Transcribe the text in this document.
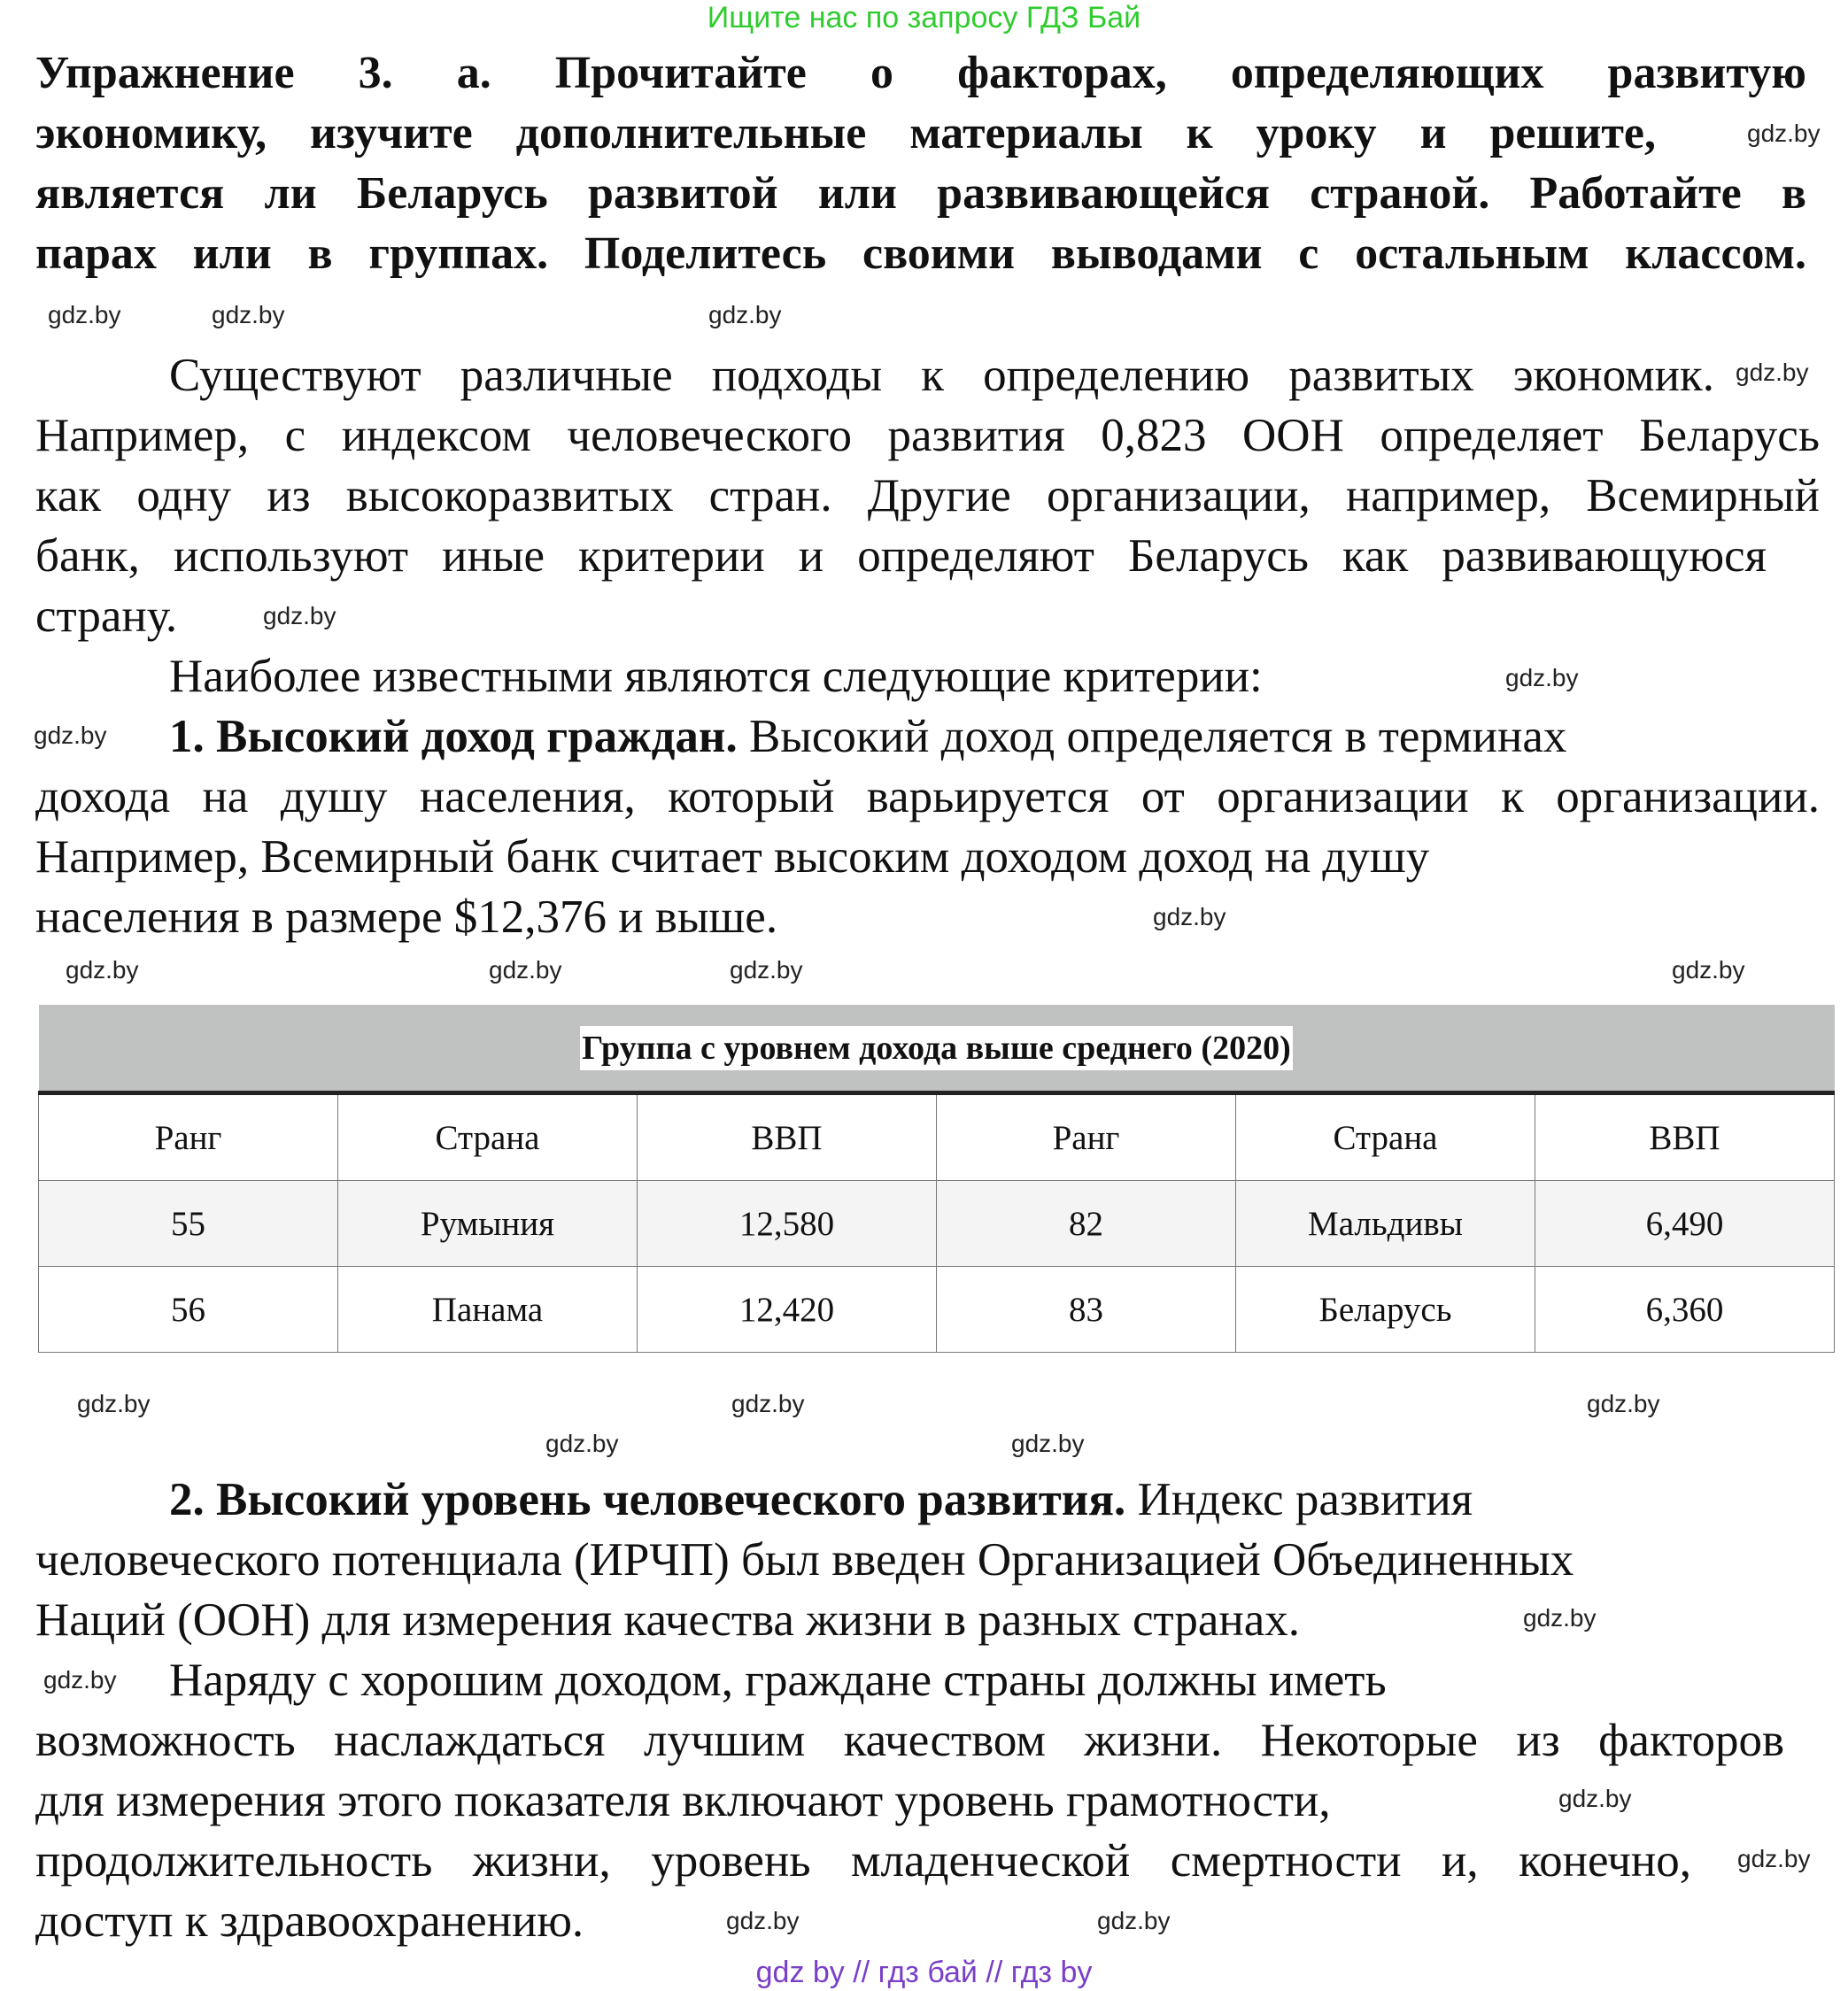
Ищите нас по запросу ГДЗ Бай
Упражнение 3. а. Прочитайте о факторах, определяющих развитую
экономику, изучите дополнительные материалы к уроку и решите,
является ли Беларусь развитой или развивающейся страной. Работайте в
парах или в группах. Поделитесь своими выводами с остальным классом.
Существуют различные подходы к определению развитых экономик.
Например, с индексом человеческого развития 0,823 ООН определяет Беларусь
как одну из высокоразвитых стран. Другие организации, например, Всемирный
банк, используют иные критерии и определяют Беларусь как развивающуюся
страну.
Наиболее известными являются следующие критерии:
1. Высокий доход граждан. Высокий доход определяется в терминах
дохода на душу населения, который варьируется от организации к организации.
Например, Всемирный банк считает высоким доходом доход на душу
населения в размере $12,376 и выше.
Группа с уровнем дохода выше среднего (2020)					
Ранг	Страна	ВВП	Ранг	Страна	ВВП
55	Румыния	12,580	82	Мальдивы	6,490
56	Панама	12,420	83	Беларусь	6,360
2. Высокий уровень человеческого развития. Индекс развития
человеческого потенциала (ИРЧП) был введен Организацией Объединенных
Наций (ООН) для измерения качества жизни в разных странах.
Наряду с хорошим доходом, граждане страны должны иметь
возможность наслаждаться лучшим качеством жизни. Некоторые из факторов
для измерения этого показателя включают уровень грамотности,
продолжительность жизни, уровень младенческой смертности и, конечно,
доступ к здравоохранению.
gdz by // гдз бай // гдз by
gdz.by
gdz.by
gdz.by
gdz.by
gdz.by
gdz.by
gdz.by
gdz.by
gdz.by
gdz.by
gdz.by	gdz.by
gdz.by
gdz.by
gdz.by	gdz.by
gdz.by	gdz.by
gdz.by
gdz.by
gdz.by
gdz.by
gdz.by
gdz.by
